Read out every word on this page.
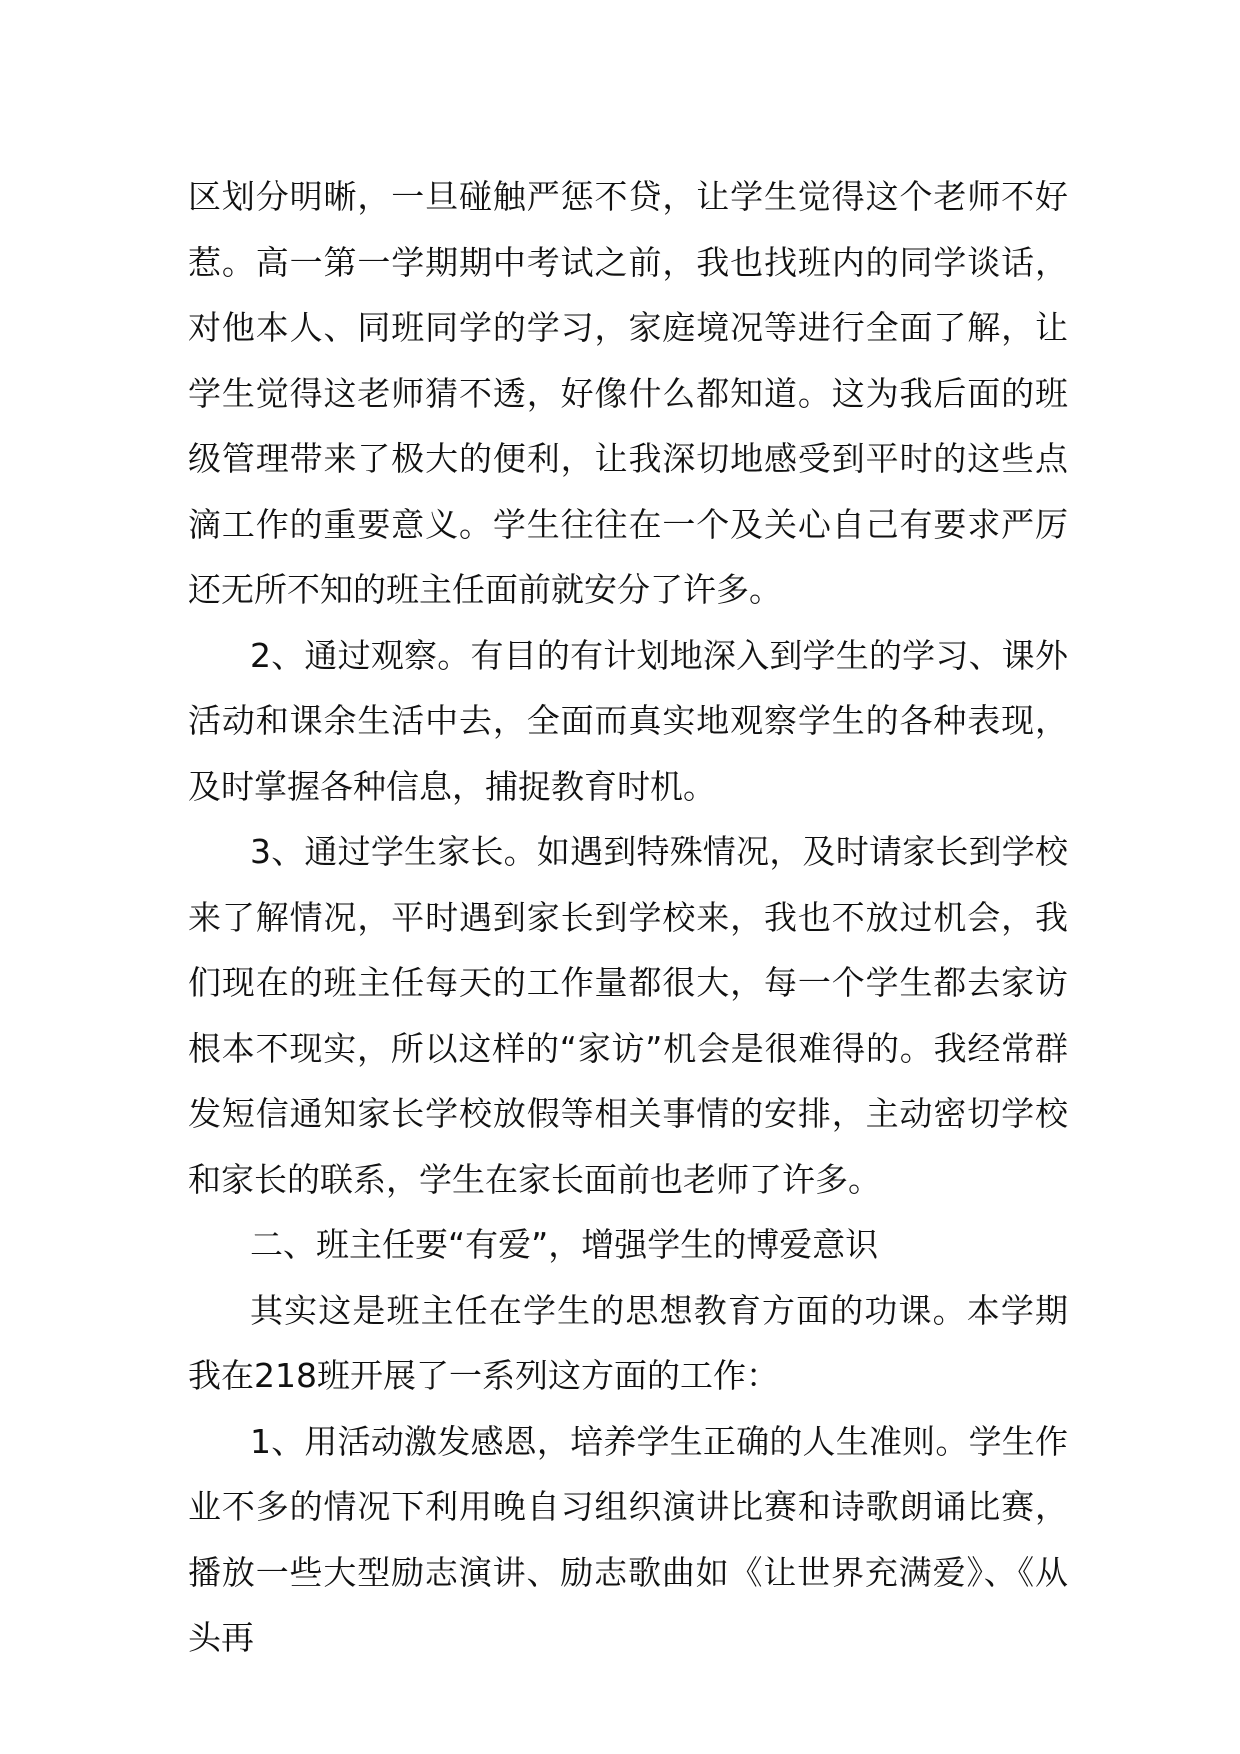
区划分明晰，一旦碰触严惩不贷，让学生觉得这个老师不好惹。高一第一学期期中考试之前，我也找班内的同学谈话，对他本人、同班同学的学习，家庭境况等进行全面了解，让学生觉得这老师猜不透，好像什么都知道。这为我后面的班级管理带来了极大的便利，让我深切地感受到平时的这些点滴工作的重要意义。学生往往在一个及关心自己有要求严厉还无所不知的班主任面前就安分了许多。

2、通过观察。有目的有计划地深入到学生的学习、课外活动和课余生活中去，全面而真实地观察学生的各种表现，及时掌握各种信息，捕捉教育时机。

3、通过学生家长。如遇到特殊情况，及时请家长到学校来了解情况，平时遇到家长到学校来，我也不放过机会，我们现在的班主任每天的工作量都很大，每一个学生都去家访根本不现实，所以这样的“家访”机会是很难得的。我经常群发短信通知家长学校放假等相关事情的安排，主动密切学校和家长的联系，学生在家长面前也老师了许多。

二、班主任要“有爱”，增强学生的博爱意识

其实这是班主任在学生的思想教育方面的功课。本学期我在218班开展了一系列这方面的工作：

1、用活动激发感恩，培养学生正确的人生准则。学生作业不多的情况下利用晚自习组织演讲比赛和诗歌朗诵比赛，播放一些大型励志演讲、励志歌曲如《让世界充满爱》、《从头再
